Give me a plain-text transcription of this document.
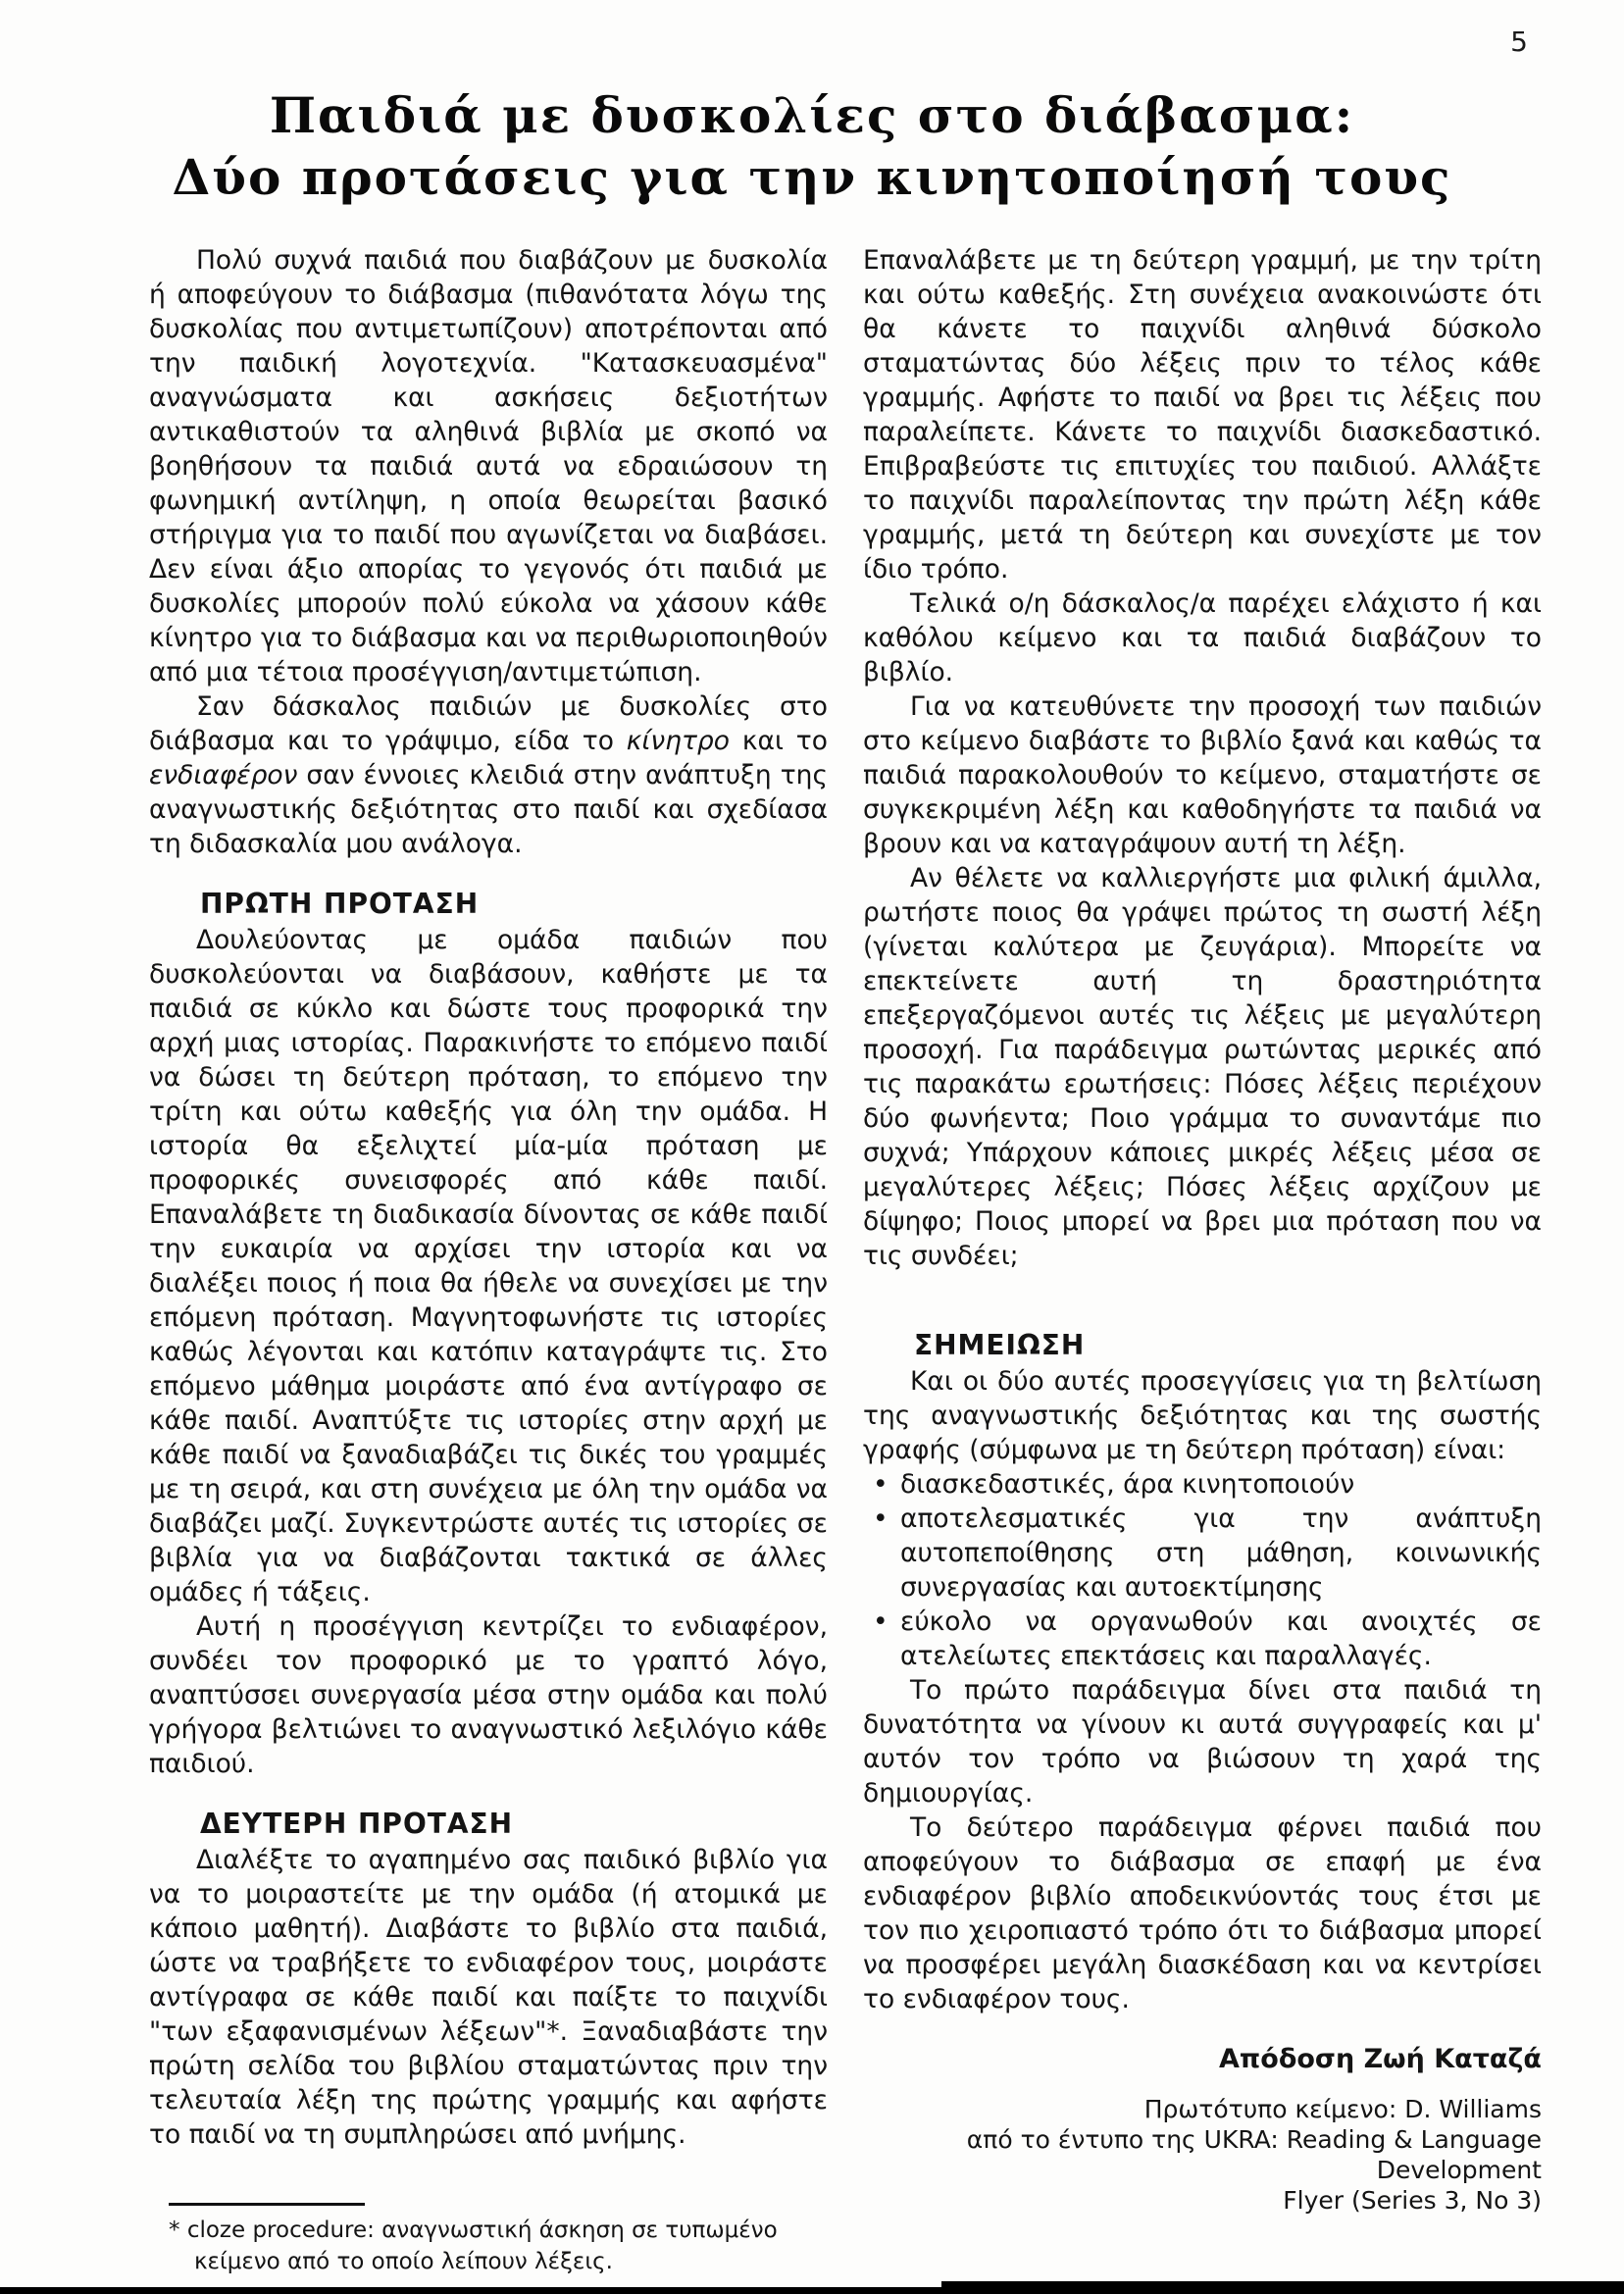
5
Παιδιά με δυσκολίες στο διάβασμα:
Δύο προτάσεις για την κινητοποίησή τους

Πολύ συχνά παιδιά που διαβάζουν με δυσκολία ή αποφεύγουν το διάβασμα (πιθανότατα λόγω της δυσκολίας που αντιμετωπίζουν) αποτρέπονται από την παιδική λογοτεχνία. "Κατασκευασμένα" αναγνώσματα και ασκήσεις δεξιοτήτων αντικαθιστούν τα αληθινά βιβλία με σκοπό να βοηθήσουν τα παιδιά αυτά να εδραιώσουν τη φωνημική αντίληψη, η οποία θεωρείται βασικό στήριγμα για το παιδί που αγωνίζεται να διαβάσει. Δεν είναι άξιο απορίας το γεγονός ότι παιδιά με δυσκολίες μπορούν πολύ εύκολα να χάσουν κάθε κίνητρο για το διάβασμα και να περιθωριοποιηθούν από μια τέτοια προσέγγιση/αντιμετώπιση.

Σαν δάσκαλος παιδιών με δυσκολίες στο διάβασμα και το γράψιμο, είδα το κίνητρο και το ενδιαφέρον σαν έννοιες κλειδιά στην ανάπτυξη της αναγνωστικής δεξιότητας στο παιδί και σχεδίασα τη διδασκαλία μου ανάλογα.

ΠΡΩΤΗ ΠΡΟΤΑΣΗ

Δουλεύοντας με ομάδα παιδιών που δυσκολεύονται να διαβάσουν, καθήστε με τα παιδιά σε κύκλο και δώστε τους προφορικά την αρχή μιας ιστορίας. Παρακινήστε το επόμενο παιδί να δώσει τη δεύτερη πρόταση, το επόμενο την τρίτη και ούτω καθεξής για όλη την ομάδα. Η ιστορία θα εξελιχτεί μία-μία πρόταση με προφορικές συνεισφορές από κάθε παιδί. Επαναλάβετε τη διαδικασία δίνοντας σε κάθε παιδί την ευκαιρία να αρχίσει την ιστορία και να διαλέξει ποιος ή ποια θα ήθελε να συνεχίσει με την επόμενη πρόταση. Μαγνητοφωνήστε τις ιστορίες καθώς λέγονται και κατόπιν καταγράψτε τις. Στο επόμενο μάθημα μοιράστε από ένα αντίγραφο σε κάθε παιδί. Αναπτύξτε τις ιστορίες στην αρχή με κάθε παιδί να ξαναδιαβάζει τις δικές του γραμμές με τη σειρά, και στη συνέχεια με όλη την ομάδα να διαβάζει μαζί. Συγκεντρώστε αυτές τις ιστορίες σε βιβλία για να διαβάζονται τακτικά σε άλλες ομάδες ή τάξεις.

Αυτή η προσέγγιση κεντρίζει το ενδιαφέρον, συνδέει τον προφορικό με το γραπτό λόγο, αναπτύσσει συνεργασία μέσα στην ομάδα και πολύ γρήγορα βελτιώνει το αναγνωστικό λεξιλόγιο κάθε παιδιού.

ΔΕΥΤΕΡΗ ΠΡΟΤΑΣΗ

Διαλέξτε το αγαπημένο σας παιδικό βιβλίο για να το μοιραστείτε με την ομάδα (ή ατομικά με κάποιο μαθητή). Διαβάστε το βιβλίο στα παιδιά, ώστε να τραβήξετε το ενδιαφέρον τους, μοιράστε αντίγραφα σε κάθε παιδί και παίξτε το παιχνίδι "των εξαφανισμένων λέξεων"*. Ξαναδιαβάστε την πρώτη σελίδα του βιβλίου σταματώντας πριν την τελευταία λέξη της πρώτης γραμμής και αφήστε το παιδί να τη συμπληρώσει από μνήμης.

* cloze procedure: αναγνωστική άσκηση σε τυπωμένο κείμενο από το οποίο λείπουν λέξεις.

Επαναλάβετε με τη δεύτερη γραμμή, με την τρίτη και ούτω καθεξής. Στη συνέχεια ανακοινώστε ότι θα κάνετε το παιχνίδι αληθινά δύσκολο σταματώντας δύο λέξεις πριν το τέλος κάθε γραμμής. Αφήστε το παιδί να βρει τις λέξεις που παραλείπετε. Κάνετε το παιχνίδι διασκεδαστικό. Επιβραβεύστε τις επιτυχίες του παιδιού. Αλλάξτε το παιχνίδι παραλείποντας την πρώτη λέξη κάθε γραμμής, μετά τη δεύτερη και συνεχίστε με τον ίδιο τρόπο.

Τελικά ο/η δάσκαλος/α παρέχει ελάχιστο ή και καθόλου κείμενο και τα παιδιά διαβάζουν το βιβλίο.

Για να κατευθύνετε την προσοχή των παιδιών στο κείμενο διαβάστε το βιβλίο ξανά και καθώς τα παιδιά παρακολουθούν το κείμενο, σταματήστε σε συγκεκριμένη λέξη και καθοδηγήστε τα παιδιά να βρουν και να καταγράψουν αυτή τη λέξη.

Αν θέλετε να καλλιεργήστε μια φιλική άμιλλα, ρωτήστε ποιος θα γράψει πρώτος τη σωστή λέξη (γίνεται καλύτερα με ζευγάρια). Μπορείτε να επεκτείνετε αυτή τη δραστηριότητα επεξεργαζόμενοι αυτές τις λέξεις με μεγαλύτερη προσοχή. Για παράδειγμα ρωτώντας μερικές από τις παρακάτω ερωτήσεις: Πόσες λέξεις περιέχουν δύο φωνήεντα; Ποιο γράμμα το συναντάμε πιο συχνά; Υπάρχουν κάποιες μικρές λέξεις μέσα σε μεγαλύτερες λέξεις; Πόσες λέξεις αρχίζουν με δίψηφο; Ποιος μπορεί να βρει μια πρόταση που να τις συνδέει;

ΣΗΜΕΙΩΣΗ

Και οι δύο αυτές προσεγγίσεις για τη βελτίωση της αναγνωστικής δεξιότητας και της σωστής γραφής (σύμφωνα με τη δεύτερη πρόταση) είναι:

• διασκεδαστικές, άρα κινητοποιούν
• αποτελεσματικές για την ανάπτυξη αυτοπεποίθησης στη μάθηση, κοινωνικής συνεργασίας και αυτοεκτίμησης
• εύκολο να οργανωθούν και ανοιχτές σε ατελείωτες επεκτάσεις και παραλλαγές.

Το πρώτο παράδειγμα δίνει στα παιδιά τη δυνατότητα να γίνουν κι αυτά συγγραφείς και μ' αυτόν τον τρόπο να βιώσουν τη χαρά της δημιουργίας.

Το δεύτερο παράδειγμα φέρνει παιδιά που αποφεύγουν το διάβασμα σε επαφή με ένα ενδιαφέρον βιβλίο αποδεικνύοντάς τους έτσι με τον πιο χειροπιαστό τρόπο ότι το διάβασμα μπορεί να προσφέρει μεγάλη διασκέδαση και να κεντρίσει το ενδιαφέρον τους.

Απόδοση Ζωή Καταζά
Πρωτότυπο κείμενο: D. Williams
από το έντυπο της UKRA: Reading & Language Development
Flyer (Series 3, No 3)
